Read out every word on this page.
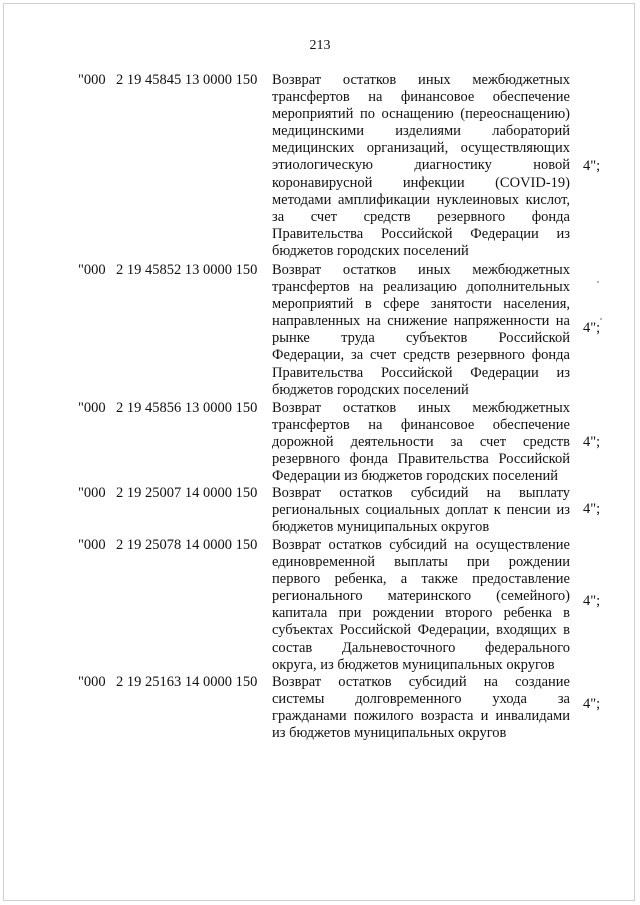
213
"000 2 19 45845 13 0000 150 Возврат остатков иных межбюджетных
трансфертов на финансовое обеспечение
мероприятий по оснащению (переоснащению)
медицинскими изделиями лабораторий
медицинских организаций, осуществляющих
этиологическую диагностику новой
коронавирусной инфекции (COVID-19)
методами амплификации нуклеиновых кислот,
за счет средств резервного фонда
Правительства Российской Федерации из
бюджетов городских поселений
4";
"000 2 19 45852 13 0000 150 Возврат остатков иных межбюджетных
трансфертов на реализацию дополнительных
мероприятий в сфере занятости населения,
направленных на снижение напряженности на
рынке труда субъектов Российской
Федерации, за счет средств резервного фонда
Правительства Российской Федерации из
бюджетов городских поселений
4";
"000 2 19 45856 13 0000 150 Возврат остатков иных межбюджетных
трансфертов на финансовое обеспечение
дорожной деятельности за счет средств
резервного фонда Правительства Российской
Федерации из бюджетов городских поселений
4";
"000 2 19 25007 14 0000 150 Возврат остатков субсидий на выплату
региональных социальных доплат к пенсии из
бюджетов муниципальных округов
4";
"000 2 19 25078 14 0000 150 Возврат остатков субсидий на осуществление
единовременной выплаты при рождении
первого ребенка, а также предоставление
регионального материнского (семейного)
капитала при рождении второго ребенка в
субъектах Российской Федерации, входящих в
состав Дальневосточного федерального
округа, из бюджетов муниципальных округов
4";
"000 2 19 25163 14 0000 150 Возврат остатков субсидий на создание
системы долговременного ухода за
гражданами пожилого возраста и инвалидами
из бюджетов муниципальных округов
4";
